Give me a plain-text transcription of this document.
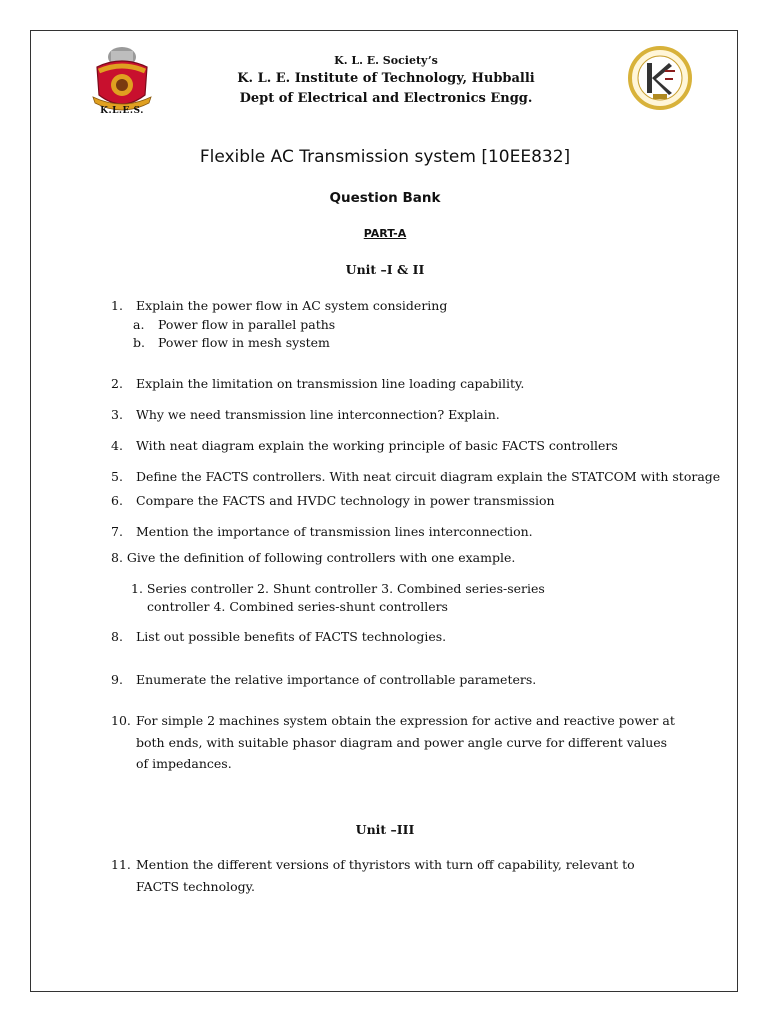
K.L.E.S.
K. L. E. Society’s
K. L. E. Institute of Technology, Hubballi
Dept of Electrical and Electronics Engg.
Flexible AC Transmission system [10EE832]
Question Bank
PART-A
Unit –I & II
1. Explain the power flow in AC system considering
a. Power flow in parallel paths
b. Power flow in mesh system
2. Explain the limitation on transmission line loading capability.
3. Why we need transmission line interconnection? Explain.
4. With neat diagram explain the working principle of basic FACTS controllers
5. Define the FACTS controllers. With neat circuit diagram explain the STATCOM with storage
6. Compare the FACTS and HVDC technology in power transmission
7. Mention the importance of transmission lines interconnection.
8. Give the definition of following controllers with one example.
1. Series controller 2. Shunt controller 3. Combined series-series
controller 4. Combined series-shunt controllers
8. List out possible benefits of FACTS technologies.
9. Enumerate the relative importance of controllable parameters.
10. For simple 2 machines system obtain the expression for active and reactive power at
both ends, with suitable phasor diagram and power angle curve for different values
of impedances.
Unit –III
11. Mention the different versions of thyristors with turn off capability, relevant to
FACTS technology.
